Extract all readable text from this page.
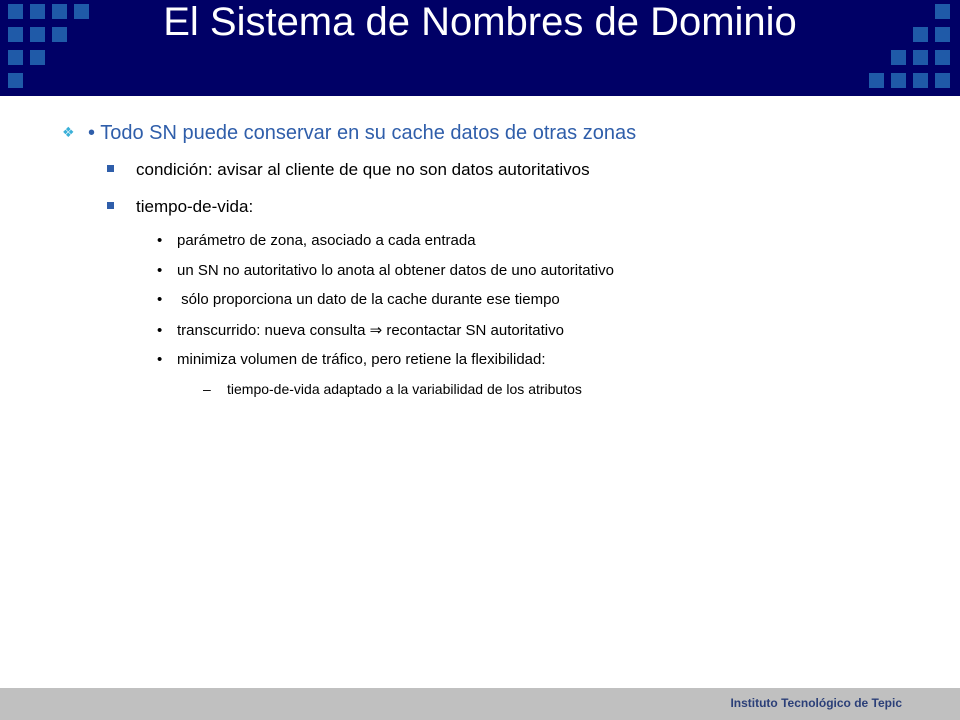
El Sistema de Nombres de Dominio
❖ • Todo SN puede conservar en su cache datos de otras zonas
condición: avisar al cliente de que no son datos autoritativos
tiempo-de-vida:
• parámetro de zona, asociado a cada entrada
• un SN no autoritativo lo anota al obtener datos de uno autoritativo
• sólo proporciona un dato de la cache durante ese tiempo
• transcurrido: nueva consulta ⇒ recontactar SN autoritativo
• minimiza volumen de tráfico, pero retiene la flexibilidad:
– tiempo-de-vida adaptado a la variabilidad de los atributos
Instituto Tecnológico de Tepic
